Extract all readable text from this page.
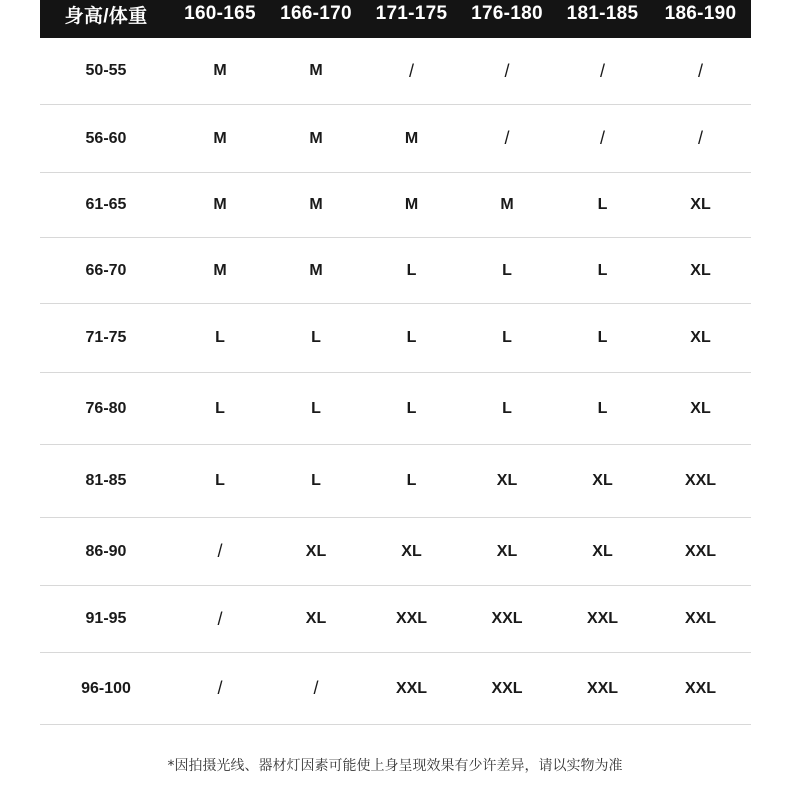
身高/体重	160-165	166-170	171-175	176-180	181-185	186-190
50-55	M	M	/	/	/	/
56-60	M	M	M	/	/	/
61-65	M	M	M	M	L	XL
66-70	M	M	L	L	L	XL
71-75	L	L	L	L	L	XL
76-80	L	L	L	L	L	XL
81-85	L	L	L	XL	XL	XXL
86-90	/	XL	XL	XL	XL	XXL
91-95	/	XL	XXL	XXL	XXL	XXL
96-100	/	/	XXL	XXL	XXL	XXL
*因拍摄光线、器材灯因素可能使上身呈现效果有少许差异，请以实物为准
